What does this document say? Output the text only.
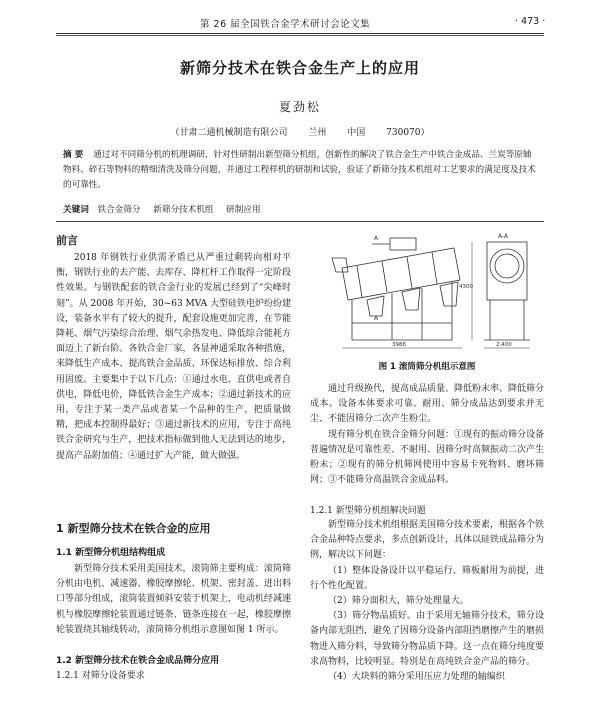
第 26 届全国铁合金学术研讨会论文集	· 473 ·
新筛分技术在铁合金生产上的应用
夏劲松
（甘肃二通机械制造有限公司 兰州 中国 730070）
摘 要 通过对不同筛分机的机理调研，针对性研制出新型筛分机组，创新性的解决了铁合金生产中铁合金成品、兰炭等原辅物料、碎石等物料的精细清洗及筛分问题，并通过工程样机的研制和试验，验证了新筛分技术机组对工艺要求的满足度及技术的可靠性。
关键词 铁合金筛分 新筛分技术机组 研制应用
前言

2018 年钢铁行业供需矛盾已从严重过剩转向相对平衡，钢铁行业的去产能、去库存、降杠杆工作取得一定阶段性效果。与钢铁配套的铁合金行业的发展已经到了“尖峰时刻”。从 2008 年开始，30~63 MVA 大型硅铁电炉纷纷建设，装备水平有了较大的提升，配套设施更加完善，在节能降耗、烟气污染综合治理、烟气余热发电、降低综合能耗方面迈上了新台阶。各铁合金厂家，各显神通采取各种措施，来降低生产成本、提高铁合金品质、环保达标排放、综合利用固废。主要集中于以下几点：①通过水电、直供电或者自供电，降低电价，降低铁合金生产成本；②通过新技术的应用，专注于某一类产品或者某一个品种的生产，把质量做精，把成本控制得最好；③通过新技术的应用，专注于高纯铁合金研究与生产，把技术指标做到他人无法到达的地步，提高产品附加值；④通过扩大产能，做大做强。

1 新型筛分技术在铁合金的应用
1.1 新型筛分机组结构组成

新型筛分技术采用美国技术，滚筒筛主要构成：滚筒筛分机由电机、减速器、橡胶摩擦轮、机架、密封盖、进出料口等部分组成，滚筒装置倾斜安装于机架上，电动机经减速机与橡胶摩擦轮装置通过链条、链条连接在一起，橡胶摩擦轮装置绕其轴线转动，滚筒筛分机组示意图如图 1 所示。

1.2 新型筛分技术在铁合金成品筛分应用
1.2.1 对筛分设备要求
A
A
A-A
3988	2.400
4300
图 1 滚筒筛分机组示意图

通过升级换代，提高成品质量、降低粉末率、降低筛分成本。设备本体要求可靠、耐用、筛分成品达到要求并无尘、不能因筛分二次产生粉尘。

现有筛分机在铁合金筛分问题：①现有的振动筛分设备普遍情况是可靠性差、不耐用、因筛分时高频振动二次产生粉末；②现有的筛分机筛网使用中容易卡死物料、磨坏筛网；③不能筛分高温铁合金成品料。

1.2.1 新型筛分机组解决问题

新型筛分技术机组根据美国筛分技术要素，根据各个铁合金品种特点要求，多点创新设计，具体以硅铁成品筛分为例，解决以下问题：

（1）整体设备设计以平稳运行、筛板耐用为前提，进行个性化配置。

（2）筛分面积大，筛分处理量大。

（3）筛分物品质好。由于采用无轴筛分技术，筛分设备内部无阻挡，避免了因筛分设备内部阻挡磨擦产生的磨损物进入筛分料，导致筛分物品质下降。这一点在筛分纯度要求高物料，比较明显。特别是在高纯铁合金产品的筛分。

（4）大块料的筛分采用压应力处理的轴编织
